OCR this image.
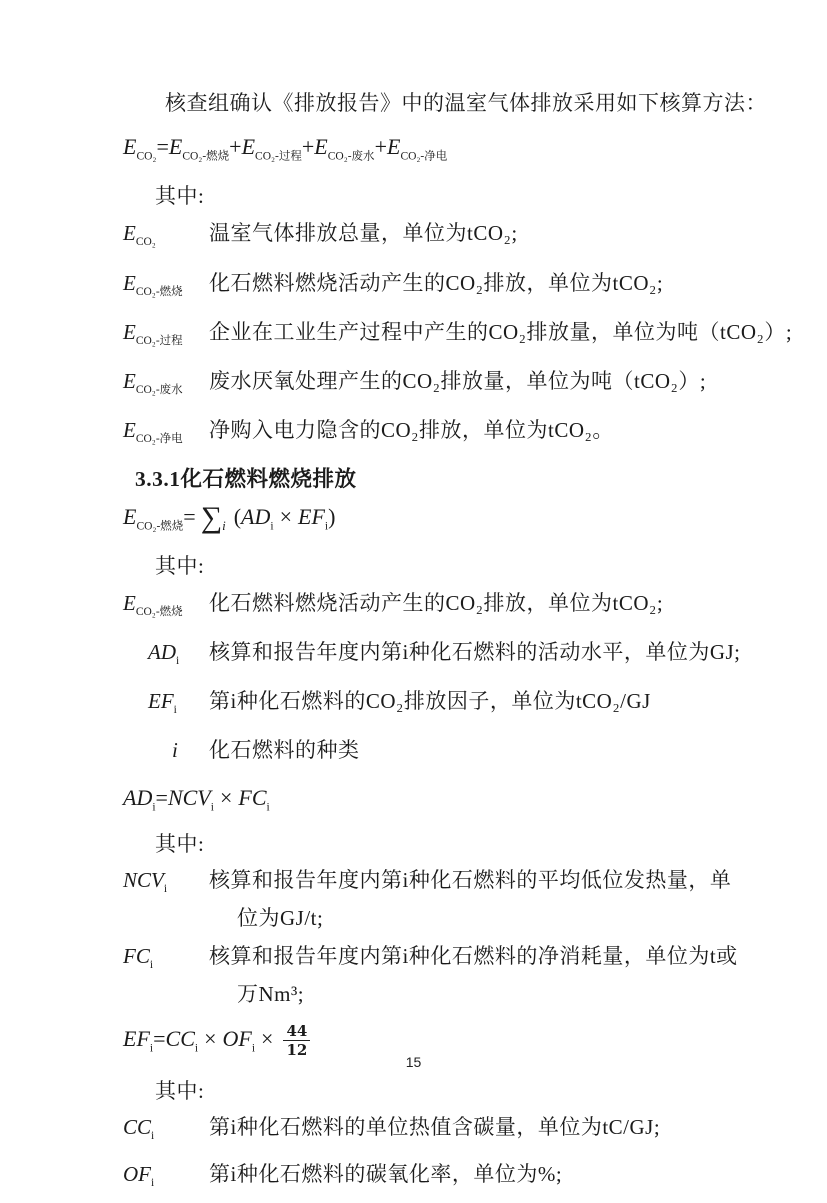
核查组确认《排放报告》中的温室气体排放采用如下核算方法：

$E_{CO_2}=E_{CO_2-燃烧}+E_{CO_2-过程}+E_{CO_2-废水}+E_{CO_2-净电}$

其中:

$E_{CO_2}$	温室气体排放总量，单位为tCO₂;
$E_{CO_2-燃烧}$	化石燃料燃烧活动产生的CO₂排放，单位为tCO₂;
$E_{CO_2-过程}$	企业在工业生产过程中产生的CO₂排放量，单位为吨（tCO₂）;
$E_{CO_2-废水}$	废水厌氧处理产生的CO₂排放量，单位为吨（tCO₂）;
$E_{CO_2-净电}$	净购入电力隐含的CO₂排放，单位为tCO₂。
3.3.1化石燃料燃烧排放
$E_{CO_2-燃烧}= \sum_i$ $(AD_i \times EF_i)$

其中:

$E_{CO_2-燃烧}$	化石燃料燃烧活动产生的CO₂排放，单位为tCO₂;
$AD_i$	核算和报告年度内第i种化石燃料的活动水平，单位为GJ;
$EF_i$	第i种化石燃料的CO₂排放因子，单位为tCO₂/GJ
i	化石燃料的种类
$AD_i=NCV_i \times FC_i$

其中:

$NCV_i$	核算和报告年度内第i种化石燃料的平均低位发热量，单
位为GJ/t;
$FC_i$	核算和报告年度内第i种化石燃料的净消耗量，单位为t或
万Nm³;
$EF_i=CC_i \times OF_i \times \frac{44}{12}$

其中:

$CC_i$	第i种化石燃料的单位热值含碳量，单位为tC/GJ;
$OF_i$	第i种化石燃料的碳氧化率，单位为%;
15
